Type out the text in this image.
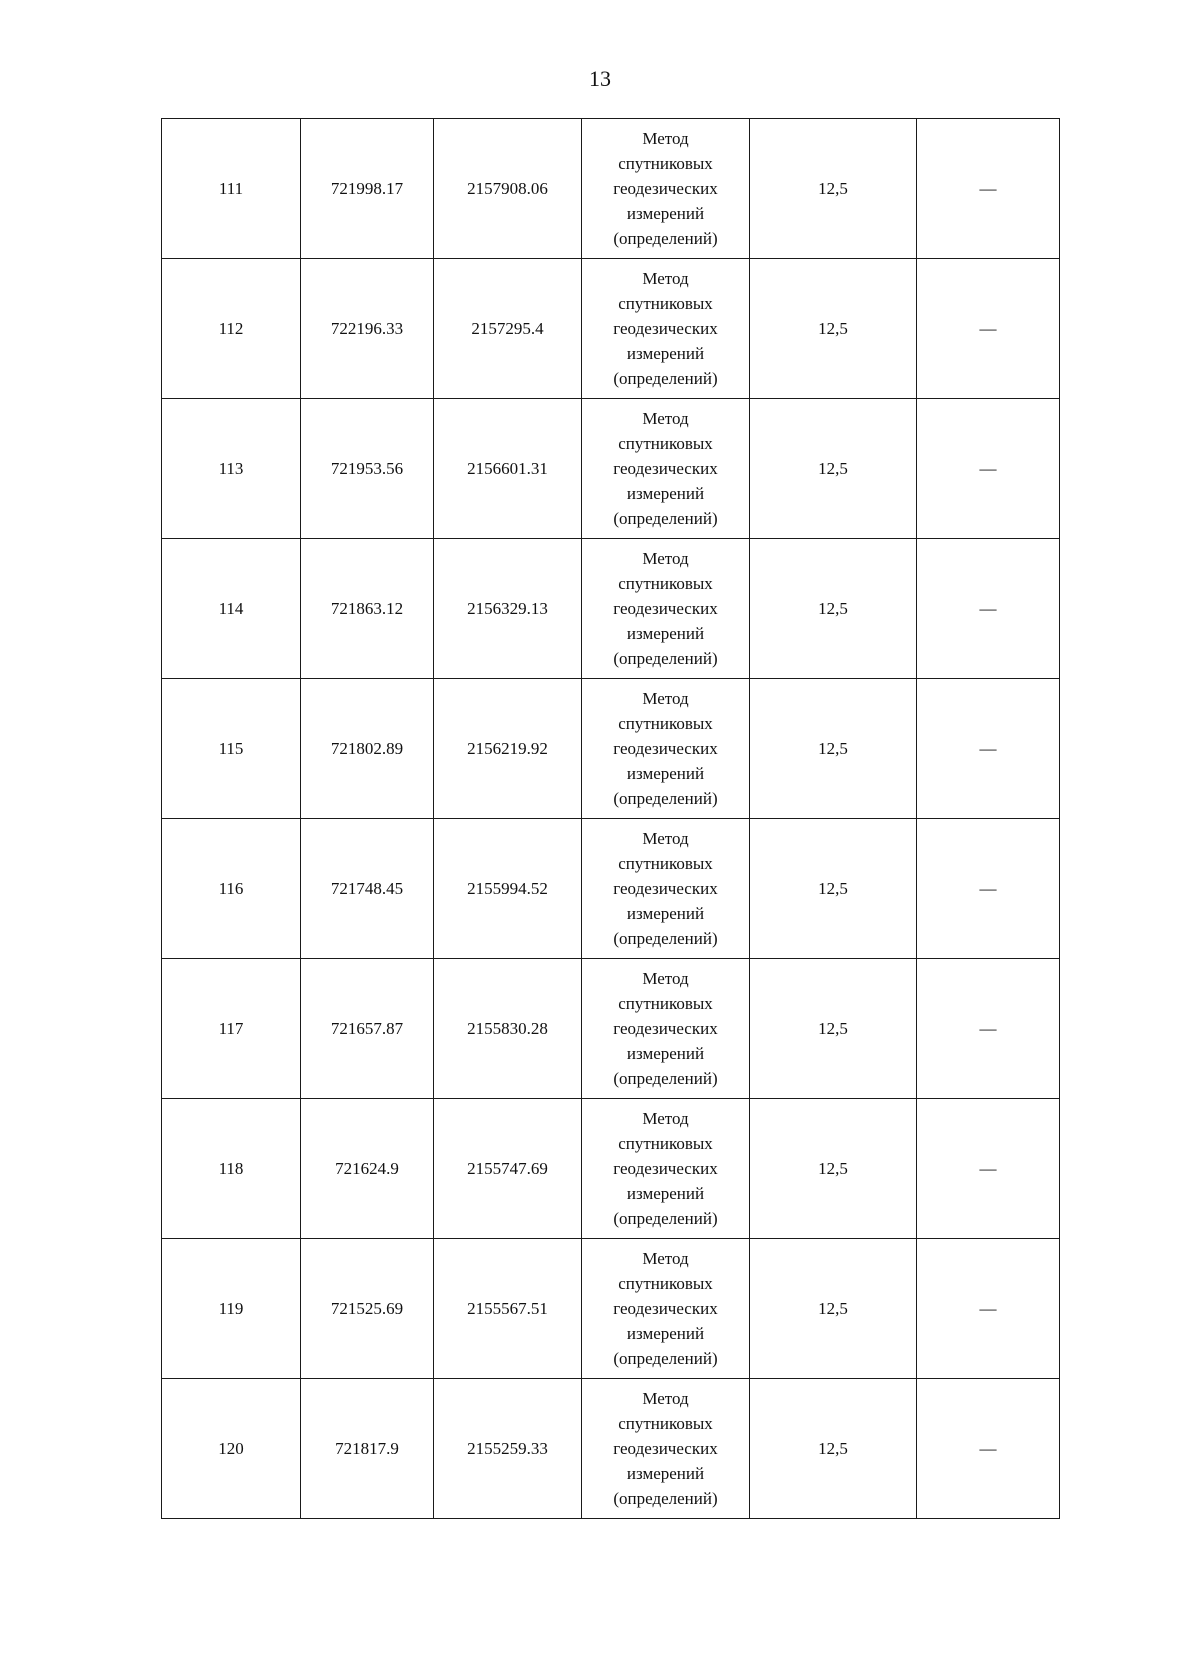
13
111	721998.17	2157908.06	Метод
спутниковых
геодезических
измерений
(определений)	12,5	—
112	722196.33	2157295.4	Метод
спутниковых
геодезических
измерений
(определений)	12,5	—
113	721953.56	2156601.31	Метод
спутниковых
геодезических
измерений
(определений)	12,5	—
114	721863.12	2156329.13	Метод
спутниковых
геодезических
измерений
(определений)	12,5	—
115	721802.89	2156219.92	Метод
спутниковых
геодезических
измерений
(определений)	12,5	—
116	721748.45	2155994.52	Метод
спутниковых
геодезических
измерений
(определений)	12,5	—
117	721657.87	2155830.28	Метод
спутниковых
геодезических
измерений
(определений)	12,5	—
118	721624.9	2155747.69	Метод
спутниковых
геодезических
измерений
(определений)	12,5	—
119	721525.69	2155567.51	Метод
спутниковых
геодезических
измерений
(определений)	12,5	—
120	721817.9	2155259.33	Метод
спутниковых
геодезических
измерений
(определений)	12,5	—
